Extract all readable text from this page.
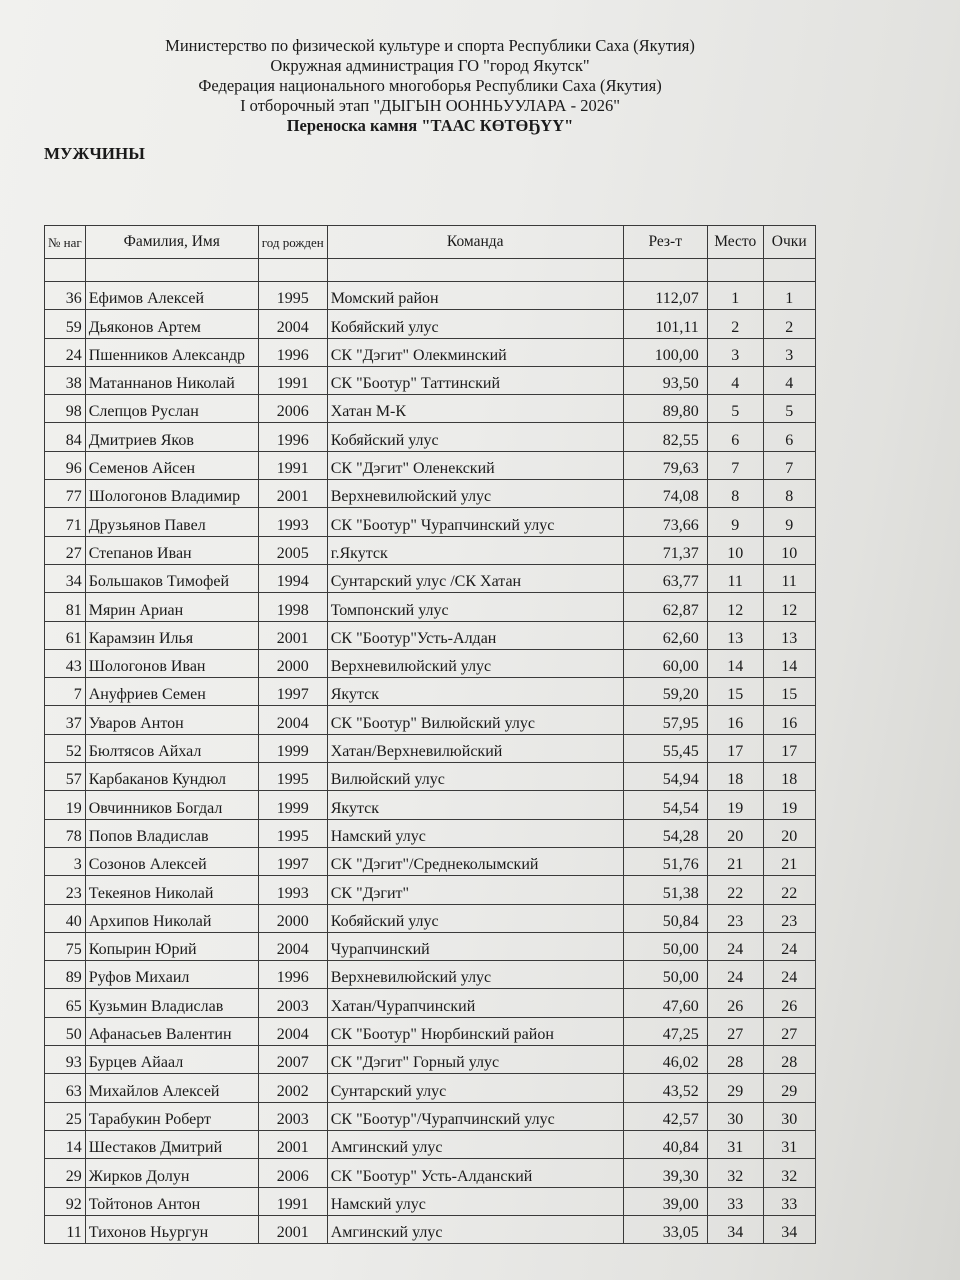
Министерство по физической культуре и спорта Республики Саха (Якутия)
Окружная администрация ГО "город Якутск"
Федерация национального многоборья Республики Саха (Якутия)
I отборочный этап "ДЫГЫН ООННЬУУЛАРА - 2026"
Переноска камня "ТААС КӨТӨҔҮҮ"
МУЖЧИНЫ
№ наг	Фамилия, Имя	год рожден	Команда	Рез-т	Место	Очки

36	Ефимов Алексей	1995	Момский район	112,07	1	1
59	Дьяконов Артем	2004	Кобяйский улус	101,11	2	2
24	Пшенников Александр	1996	СК "Дэгит" Олекминский	100,00	3	3
38	Матаннанов Николай	1991	СК "Боотур" Таттинский	93,50	4	4
98	Слепцов Руслан	2006	Хатан М-К	89,80	5	5
84	Дмитриев Яков	1996	Кобяйский улус	82,55	6	6
96	Семенов Айсен	1991	СК "Дэгит" Оленекский	79,63	7	7
77	Шологонов Владимир	2001	Верхневилюйский улус	74,08	8	8
71	Друзьянов Павел	1993	СК "Боотур" Чурапчинский улус	73,66	9	9
27	Степанов Иван	2005	г.Якутск	71,37	10	10
34	Большаков Тимофей	1994	Сунтарский улус /СК Хатан	63,77	11	11
81	Мярин Ариан	1998	Томпонский улус	62,87	12	12
61	Карамзин Илья	2001	СК "Боотур"Усть-Алдан	62,60	13	13
43	Шологонов Иван	2000	Верхневилюйский улус	60,00	14	14
7	Ануфриев Семен	1997	Якутск	59,20	15	15
37	Уваров Антон	2004	СК "Боотур" Вилюйский улус	57,95	16	16
52	Бюлтясов Айхал	1999	Хатан/Верхневилюйский	55,45	17	17
57	Карбаканов Кундюл	1995	Вилюйский улус	54,94	18	18
19	Овчинников Богдал	1999	Якутск	54,54	19	19
78	Попов Владислав	1995	Намский улус	54,28	20	20
3	Созонов Алексей	1997	СК "Дэгит"/Среднеколымский	51,76	21	21
23	Текеянов Николай	1993	СК "Дэгит"	51,38	22	22
40	Архипов Николай	2000	Кобяйский улус	50,84	23	23
75	Копырин Юрий	2004	Чурапчинский	50,00	24	24
89	Руфов Михаил	1996	Верхневилюйский улус	50,00	24	24
65	Кузьмин Владислав	2003	Хатан/Чурапчинский	47,60	26	26
50	Афанасьев Валентин	2004	СК "Боотур" Нюрбинский район	47,25	27	27
93	Бурцев Айаал	2007	СК "Дэгит" Горный улус	46,02	28	28
63	Михайлов Алексей	2002	Сунтарский улус	43,52	29	29
25	Тарабукин Роберт	2003	СК "Боотур"/Чурапчинский улус	42,57	30	30
14	Шестаков Дмитрий	2001	Амгинский улус	40,84	31	31
29	Жирков Долун	2006	СК "Боотур" Усть-Алданский	39,30	32	32
92	Тойтонов Антон	1991	Намский улус	39,00	33	33
11	Тихонов Ньургун	2001	Амгинский улус	33,05	34	34
